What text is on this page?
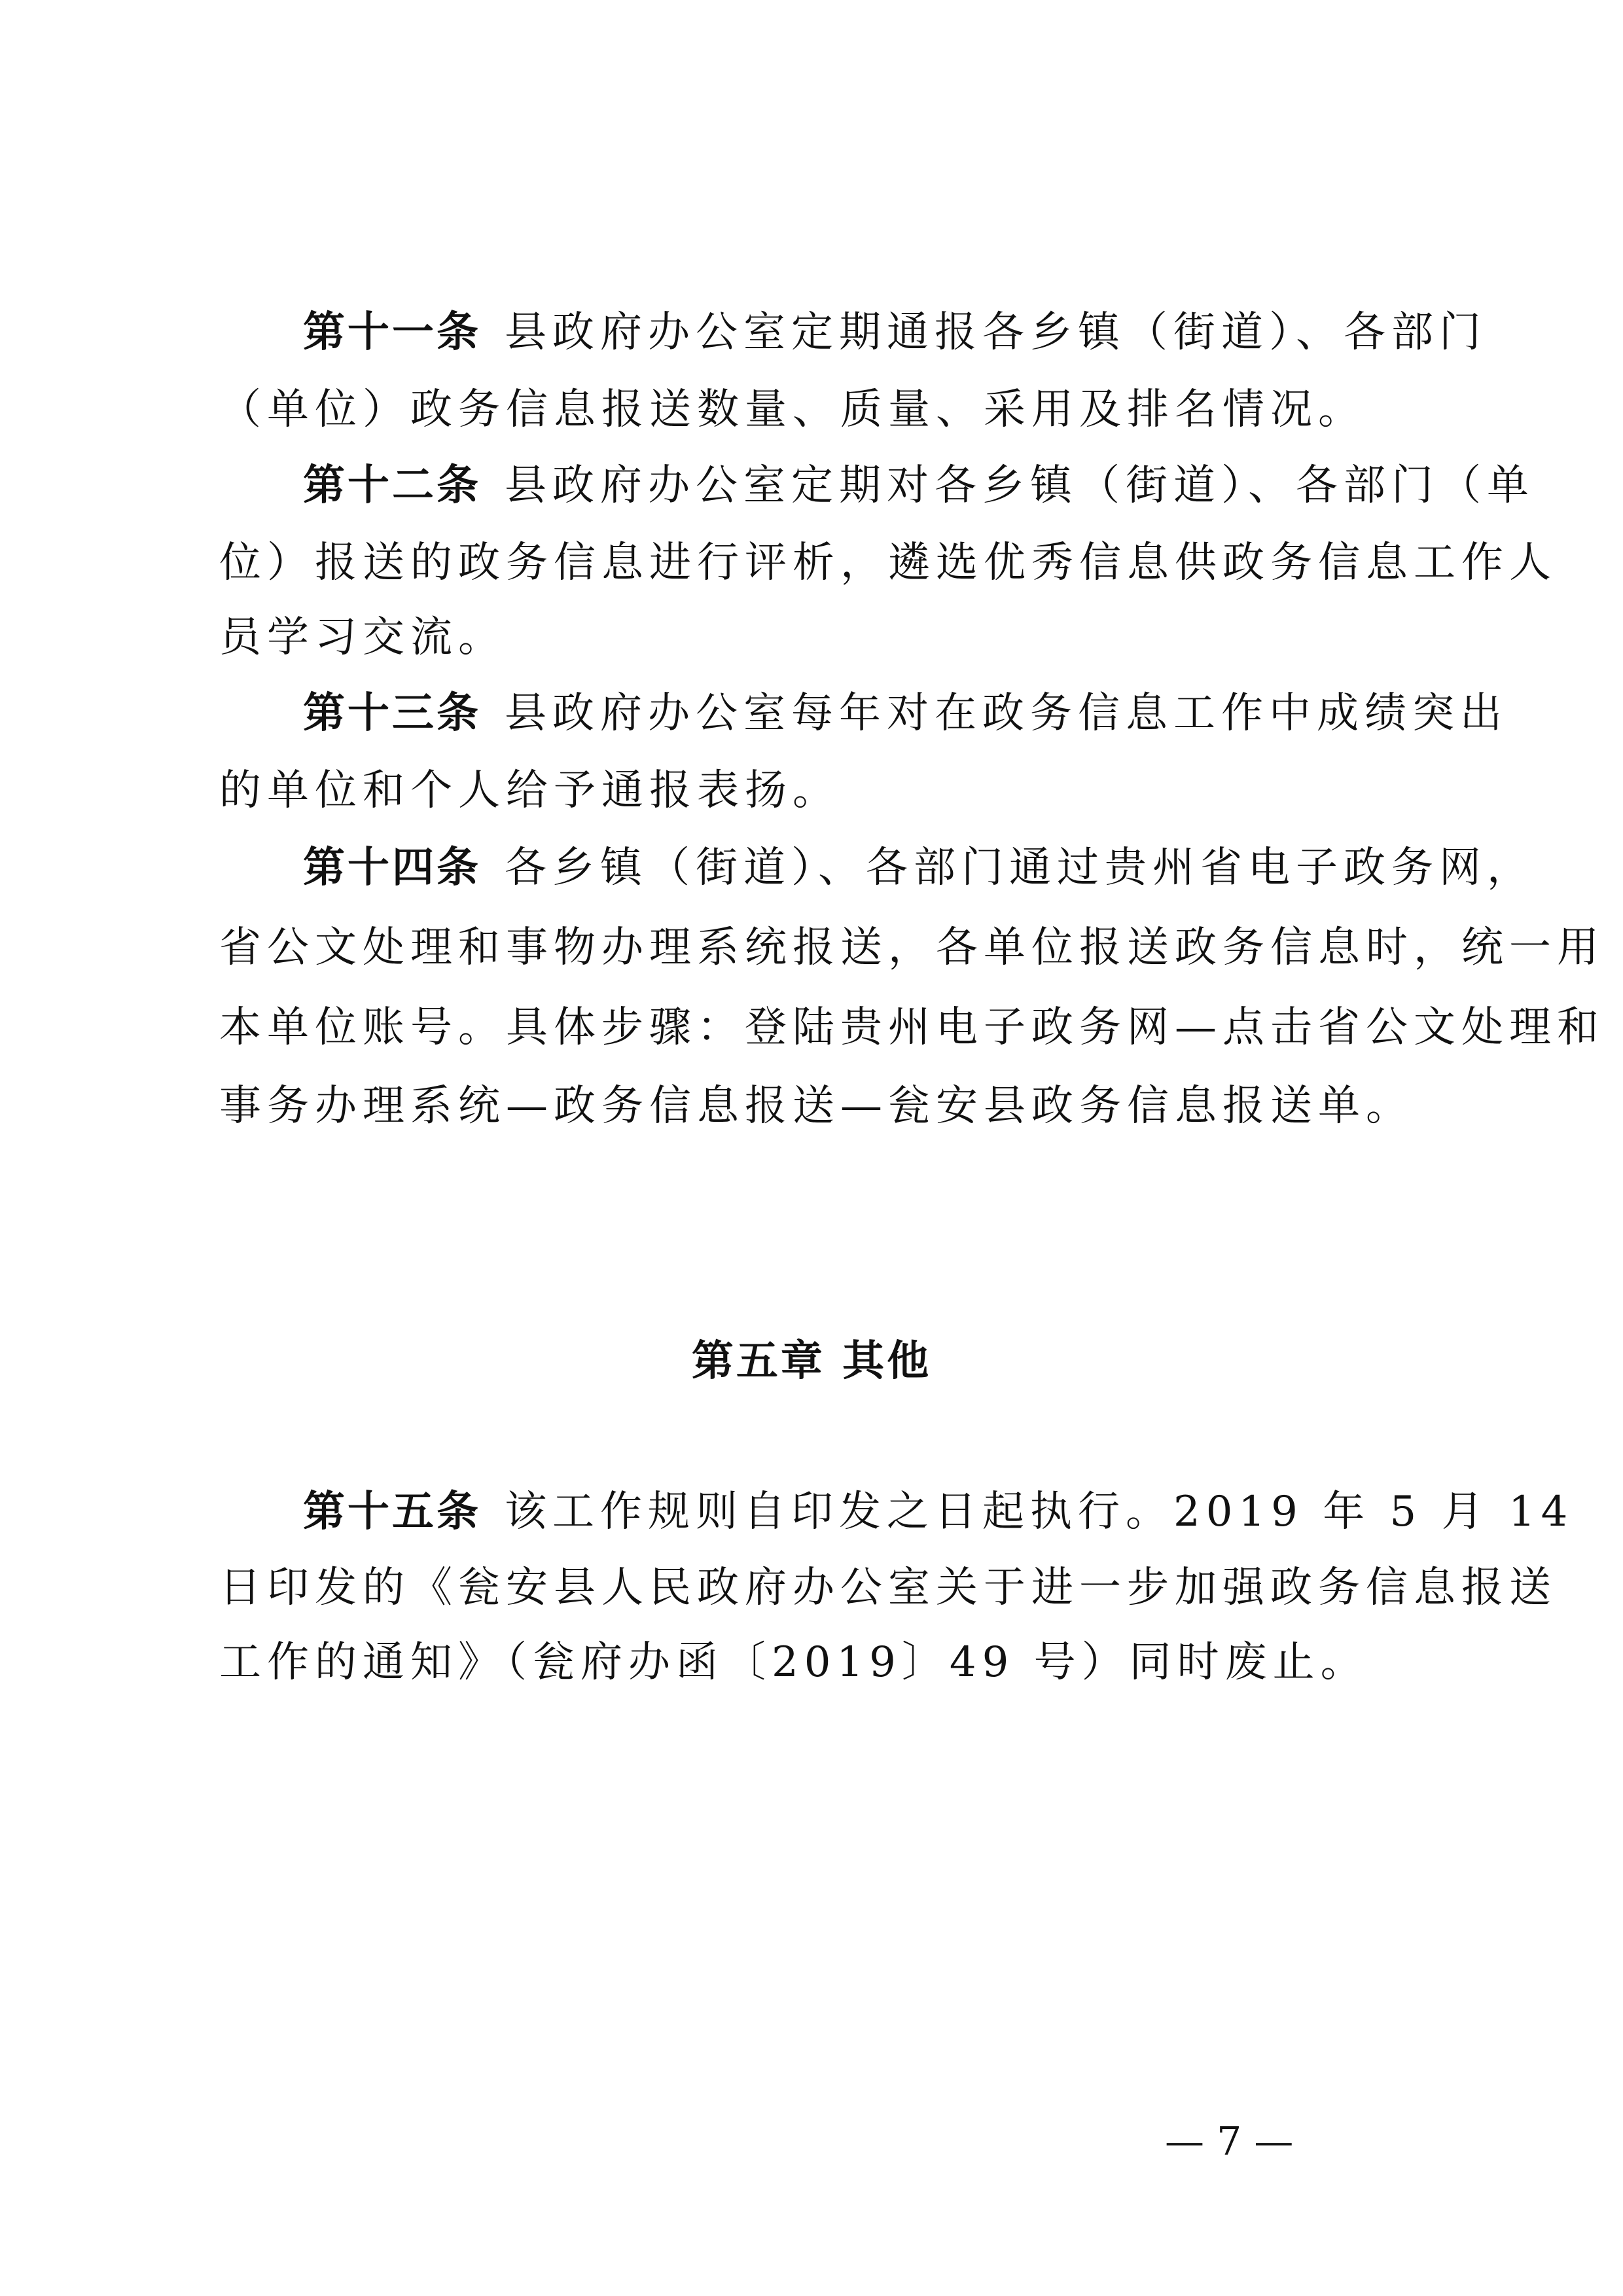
第十一条 县政府办公室定期通报各乡镇（街道）、各部门
（单位）政务信息报送数量、质量、采用及排名情况。
第十二条 县政府办公室定期对各乡镇（街道）、各部门（单
位）报送的政务信息进行评析，遴选优秀信息供政务信息工作人
员学习交流。
第十三条 县政府办公室每年对在政务信息工作中成绩突出
的单位和个人给予通报表扬。
第十四条 各乡镇（街道）、各部门通过贵州省电子政务网，
省公文处理和事物办理系统报送，各单位报送政务信息时，统一用
本单位账号。具体步骤：登陆贵州电子政务网—点击省公文处理和
事务办理系统—政务信息报送—瓮安县政务信息报送单。
第五章 其他
第十五条 该工作规则自印发之日起执行。2019 年 5 月 14
日印发的《瓮安县人民政府办公室关于进一步加强政务信息报送
工作的通知》（瓮府办函〔2019〕49 号）同时废止。
— 7 —
